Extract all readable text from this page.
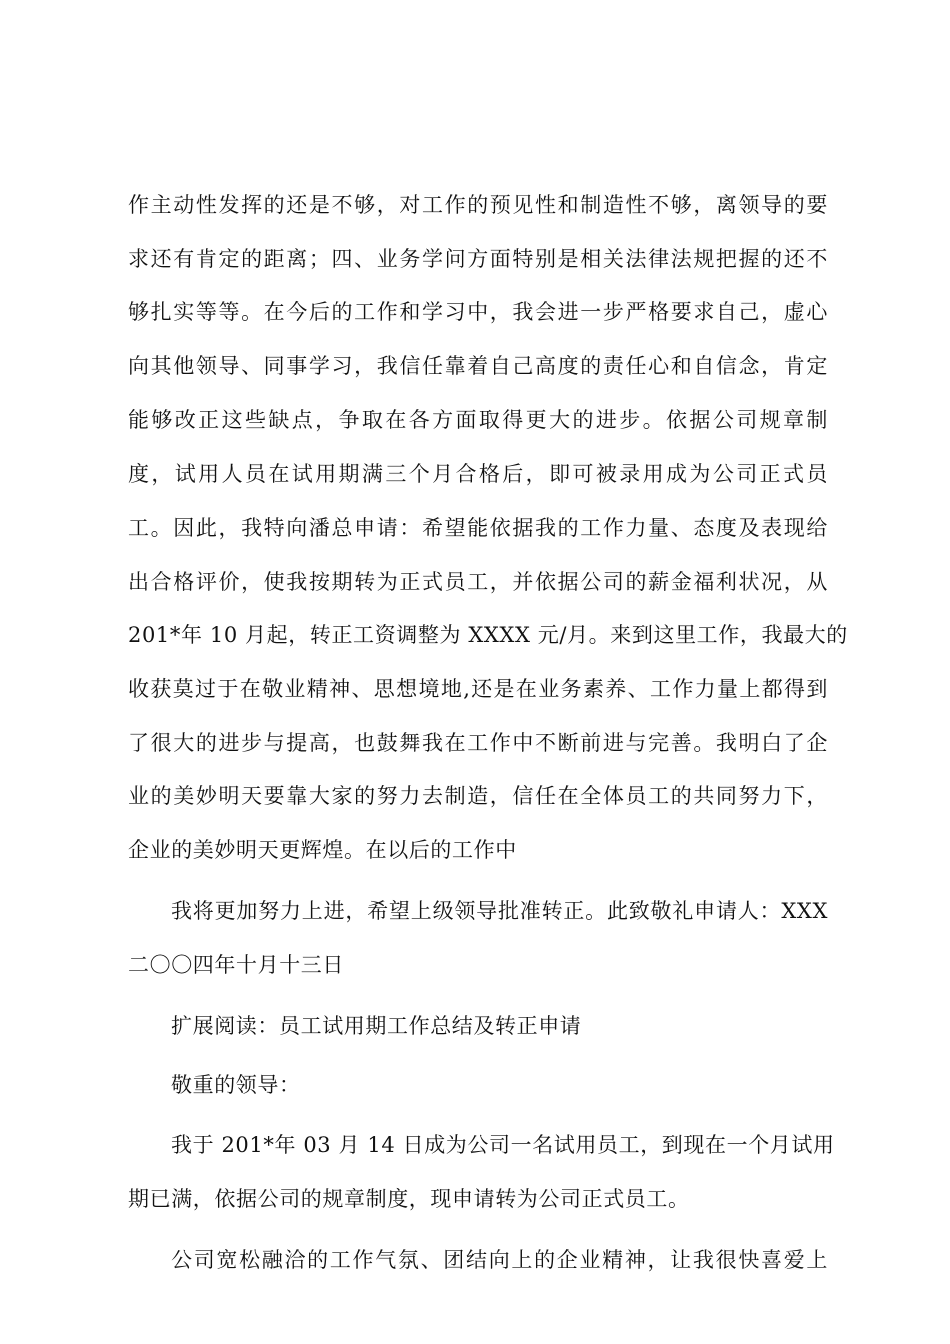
作主动性发挥的还是不够，对工作的预见性和制造性不够，离领导的要
求还有肯定的距离；四、业务学问方面特别是相关法律法规把握的还不
够扎实等等。在今后的工作和学习中，我会进一步严格要求自己，虚心
向其他领导、同事学习，我信任靠着自己高度的责任心和自信念，肯定
能够改正这些缺点，争取在各方面取得更大的进步。依据公司规章制
度，试用人员在试用期满三个月合格后，即可被录用成为公司正式员
工。因此，我特向潘总申请：希望能依据我的工作力量、态度及表现给
出合格评价，使我按期转为正式员工，并依据公司的薪金福利状况，从
201*年 10 月起，转正工资调整为 XXXX 元/月。来到这里工作，我最大的
收获莫过于在敬业精神、思想境地,还是在业务素养、工作力量上都得到
了很大的进步与提高，也鼓舞我在工作中不断前进与完善。我明白了企
业的美妙明天要靠大家的努力去制造，信任在全体员工的共同努力下，
企业的美妙明天更辉煌。在以后的工作中
我将更加努力上进，希望上级领导批准转正。此致敬礼申请人：XXX
二〇〇四年十月十三日
扩展阅读：员工试用期工作总结及转正申请
敬重的领导：
我于 201*年 03 月 14 日成为公司一名试用员工，到现在一个月试用
期已满，依据公司的规章制度，现申请转为公司正式员工。
公司宽松融洽的工作气氛、团结向上的企业精神，让我很快喜爱上
